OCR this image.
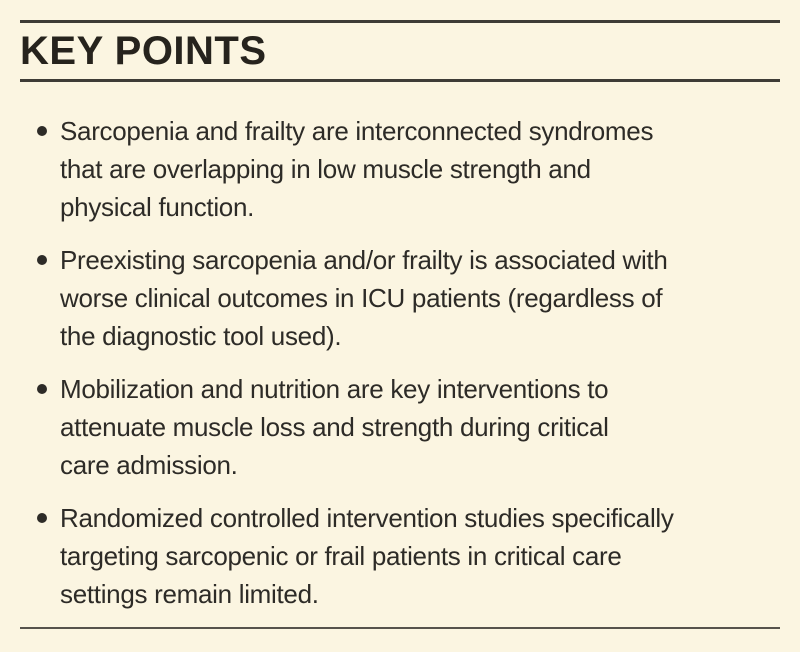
KEY POINTS
Sarcopenia and frailty are interconnected syndromes
that are overlapping in low muscle strength and
physical function.
Preexisting sarcopenia and/or frailty is associated with
worse clinical outcomes in ICU patients (regardless of
the diagnostic tool used).
Mobilization and nutrition are key interventions to
attenuate muscle loss and strength during critical
care admission.
Randomized controlled intervention studies specifically
targeting sarcopenic or frail patients in critical care
settings remain limited.
